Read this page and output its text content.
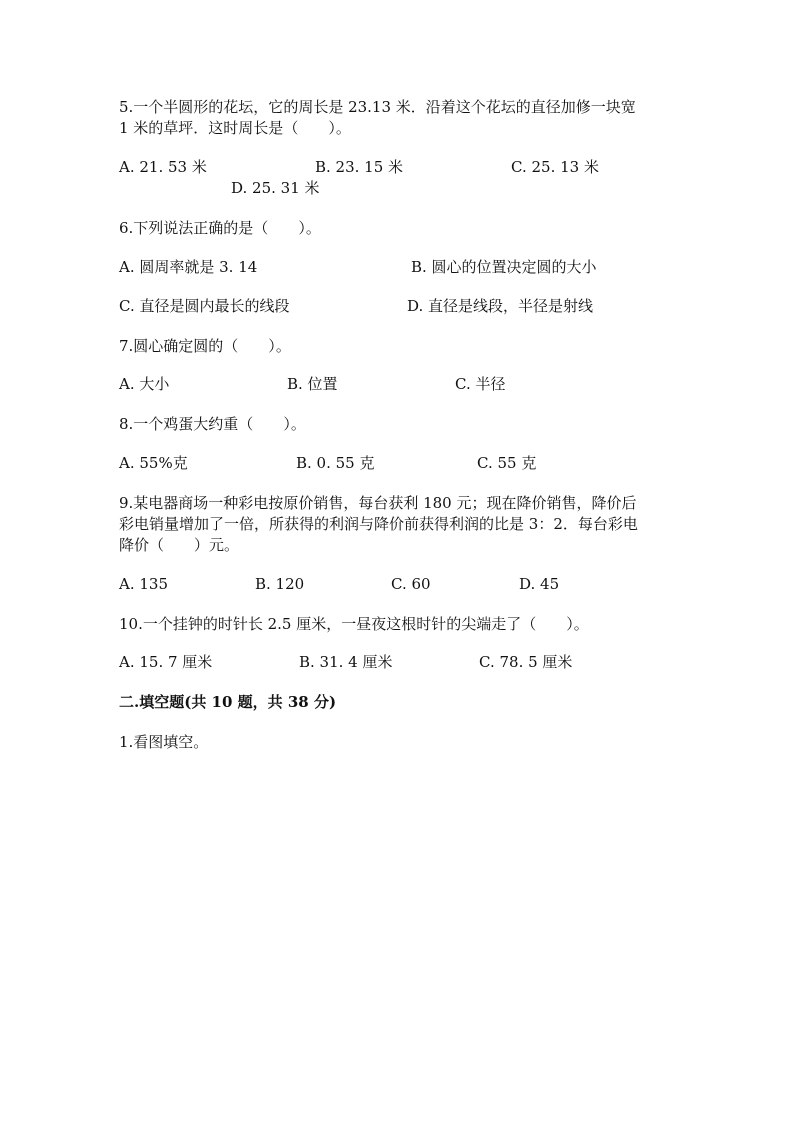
5.一个半圆形的花坛，它的周长是 23.13 米．沿着这个花坛的直径加修一块宽
1 米的草坪．这时周长是（　　）。
A. 21. 53 米	B. 23. 15 米	C. 25. 13 米
D. 25. 31 米
6.下列说法正确的是（　　）。
A. 圆周率就是 3. 14	B. 圆心的位置决定圆的大小
C. 直径是圆内最长的线段	D. 直径是线段，半径是射线
7.圆心确定圆的（　　）。
A. 大小	B. 位置	C. 半径
8.一个鸡蛋大约重（　　）。
A. 55%克	B. 0. 55 克	C. 55 克
9.某电器商场一种彩电按原价销售，每台获利 180 元；现在降价销售，降价后
彩电销量增加了一倍，所获得的利润与降价前获得利润的比是 3：2．每台彩电
降价（　　）元。
A. 135	B. 120	C. 60	D. 45
10.一个挂钟的时针长 2.5 厘米，一昼夜这根时针的尖端走了（　　）。
A. 15. 7 厘米	B. 31. 4 厘米	C. 78. 5 厘米
二.填空题(共 10 题，共 38 分)
1.看图填空。
